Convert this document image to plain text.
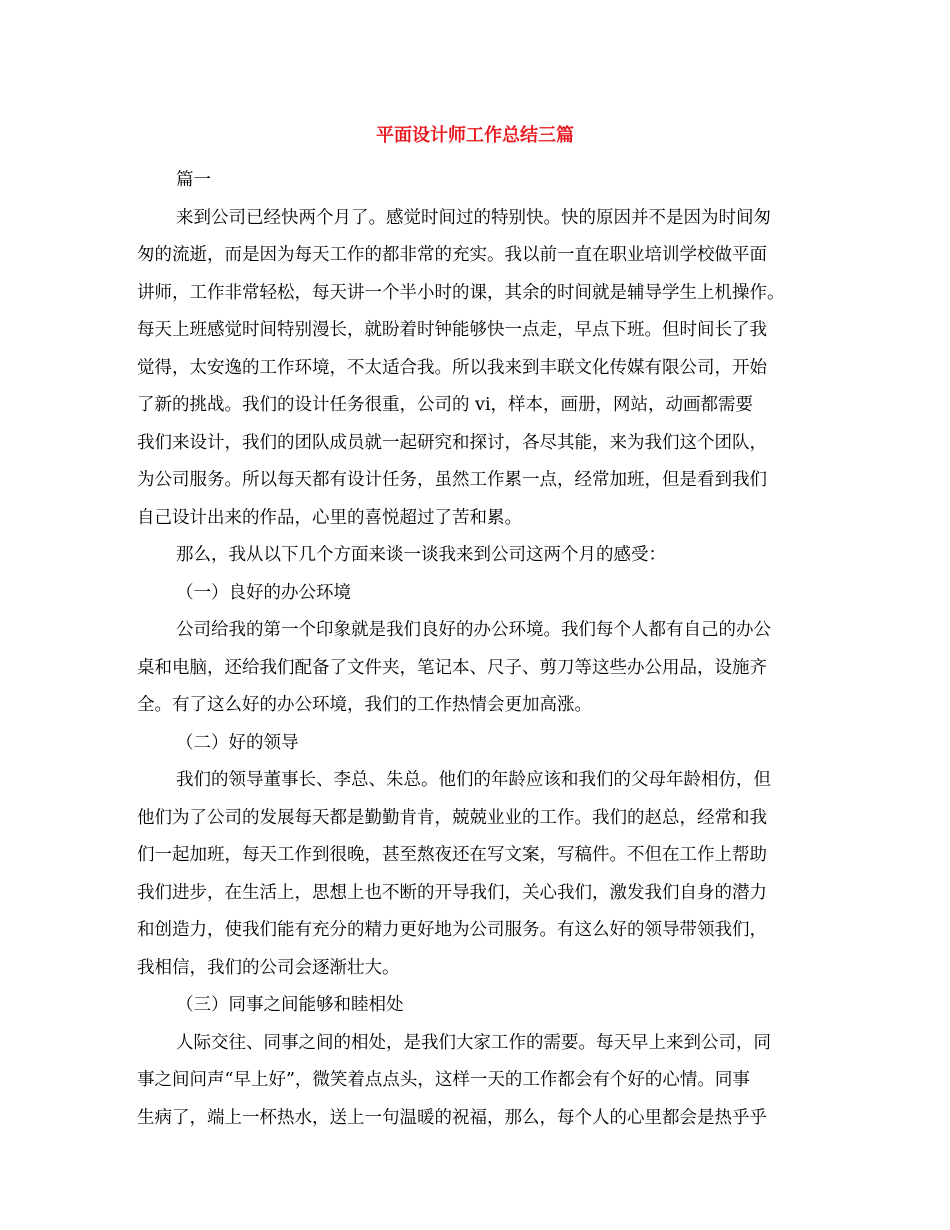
平面设计师工作总结三篇
篇一
来到公司已经快两个月了。感觉时间过的特别快。快的原因并不是因为时间匆
匆的流逝，而是因为每天工作的都非常的充实。我以前一直在职业培训学校做平面
讲师，工作非常轻松，每天讲一个半小时的课，其余的时间就是辅导学生上机操作。
每天上班感觉时间特别漫长，就盼着时钟能够快一点走，早点下班。但时间长了我
觉得，太安逸的工作环境，不太适合我。所以我来到丰联文化传媒有限公司，开始
了新的挑战。我们的设计任务很重，公司的 vi，样本，画册，网站，动画都需要
我们来设计，我们的团队成员就一起研究和探讨，各尽其能，来为我们这个团队，
为公司服务。所以每天都有设计任务，虽然工作累一点，经常加班，但是看到我们
自己设计出来的作品，心里的喜悦超过了苦和累。
那么，我从以下几个方面来谈一谈我来到公司这两个月的感受：
（一）良好的办公环境
公司给我的第一个印象就是我们良好的办公环境。我们每个人都有自己的办公
桌和电脑，还给我们配备了文件夹，笔记本、尺子、剪刀等这些办公用品，设施齐
全。有了这么好的办公环境，我们的工作热情会更加高涨。
（二）好的领导
我们的领导董事长、李总、朱总。他们的年龄应该和我们的父母年龄相仿，但
他们为了公司的发展每天都是勤勤肯肯，兢兢业业的工作。我们的赵总，经常和我
们一起加班，每天工作到很晚，甚至熬夜还在写文案，写稿件。不但在工作上帮助
我们进步，在生活上，思想上也不断的开导我们，关心我们，激发我们自身的潜力
和创造力，使我们能有充分的精力更好地为公司服务。有这么好的领导带领我们，
我相信，我们的公司会逐渐壮大。
（三）同事之间能够和睦相处
人际交往、同事之间的相处，是我们大家工作的需要。每天早上来到公司，同
事之间问声“早上好”，微笑着点点头，这样一天的工作都会有个好的心情。同事
生病了，端上一杯热水，送上一句温暖的祝福，那么，每个人的心里都会是热乎乎
